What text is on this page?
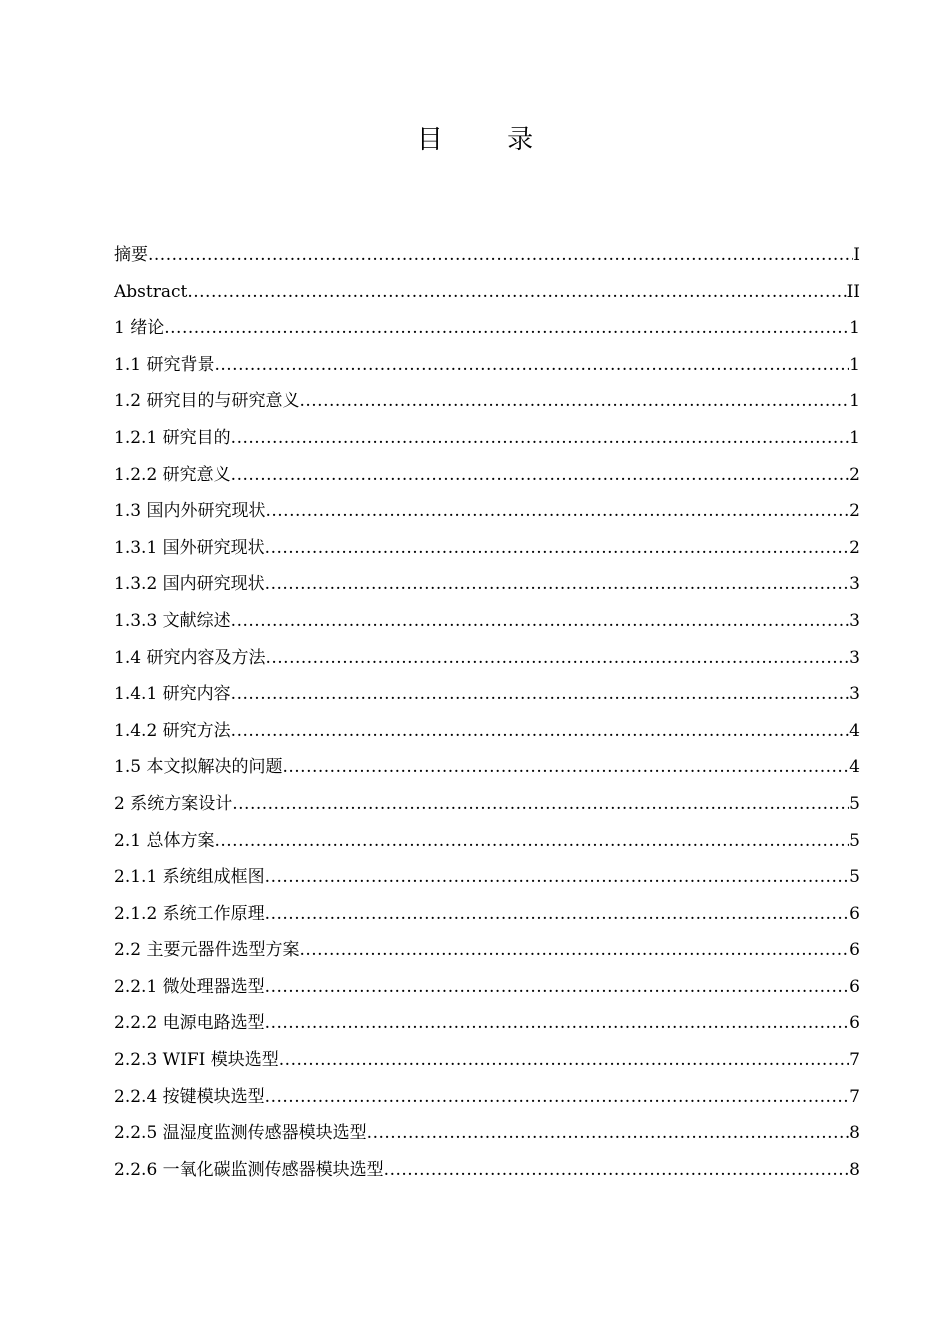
目 录
摘要 .....	I
Abstract .....	II
1 绪论 .....	1
1.1 研究背景 .....	1
1.2 研究目的与研究意义 .....	1
1.2.1 研究目的 .....	1
1.2.2 研究意义 .....	2
1.3 国内外研究现状 .....	2
1.3.1 国外研究现状 .....	2
1.3.2 国内研究现状 .....	3
1.3.3 文献综述 .....	3
1.4 研究内容及方法 .....	3
1.4.1 研究内容 .....	3
1.4.2 研究方法 .....	4
1.5 本文拟解决的问题 .....	4
2 系统方案设计 .....	5
2.1 总体方案 .....	5
2.1.1 系统组成框图 .....	5
2.1.2 系统工作原理 .....	6
2.2 主要元器件选型方案 .....	6
2.2.1 微处理器选型 .....	6
2.2.2 电源电路选型 .....	6
2.2.3 WIFI 模块选型 .....	7
2.2.4 按键模块选型 .....	7
2.2.5 温湿度监测传感器模块选型 .....	8
2.2.6 一氧化碳监测传感器模块选型 .....	8
